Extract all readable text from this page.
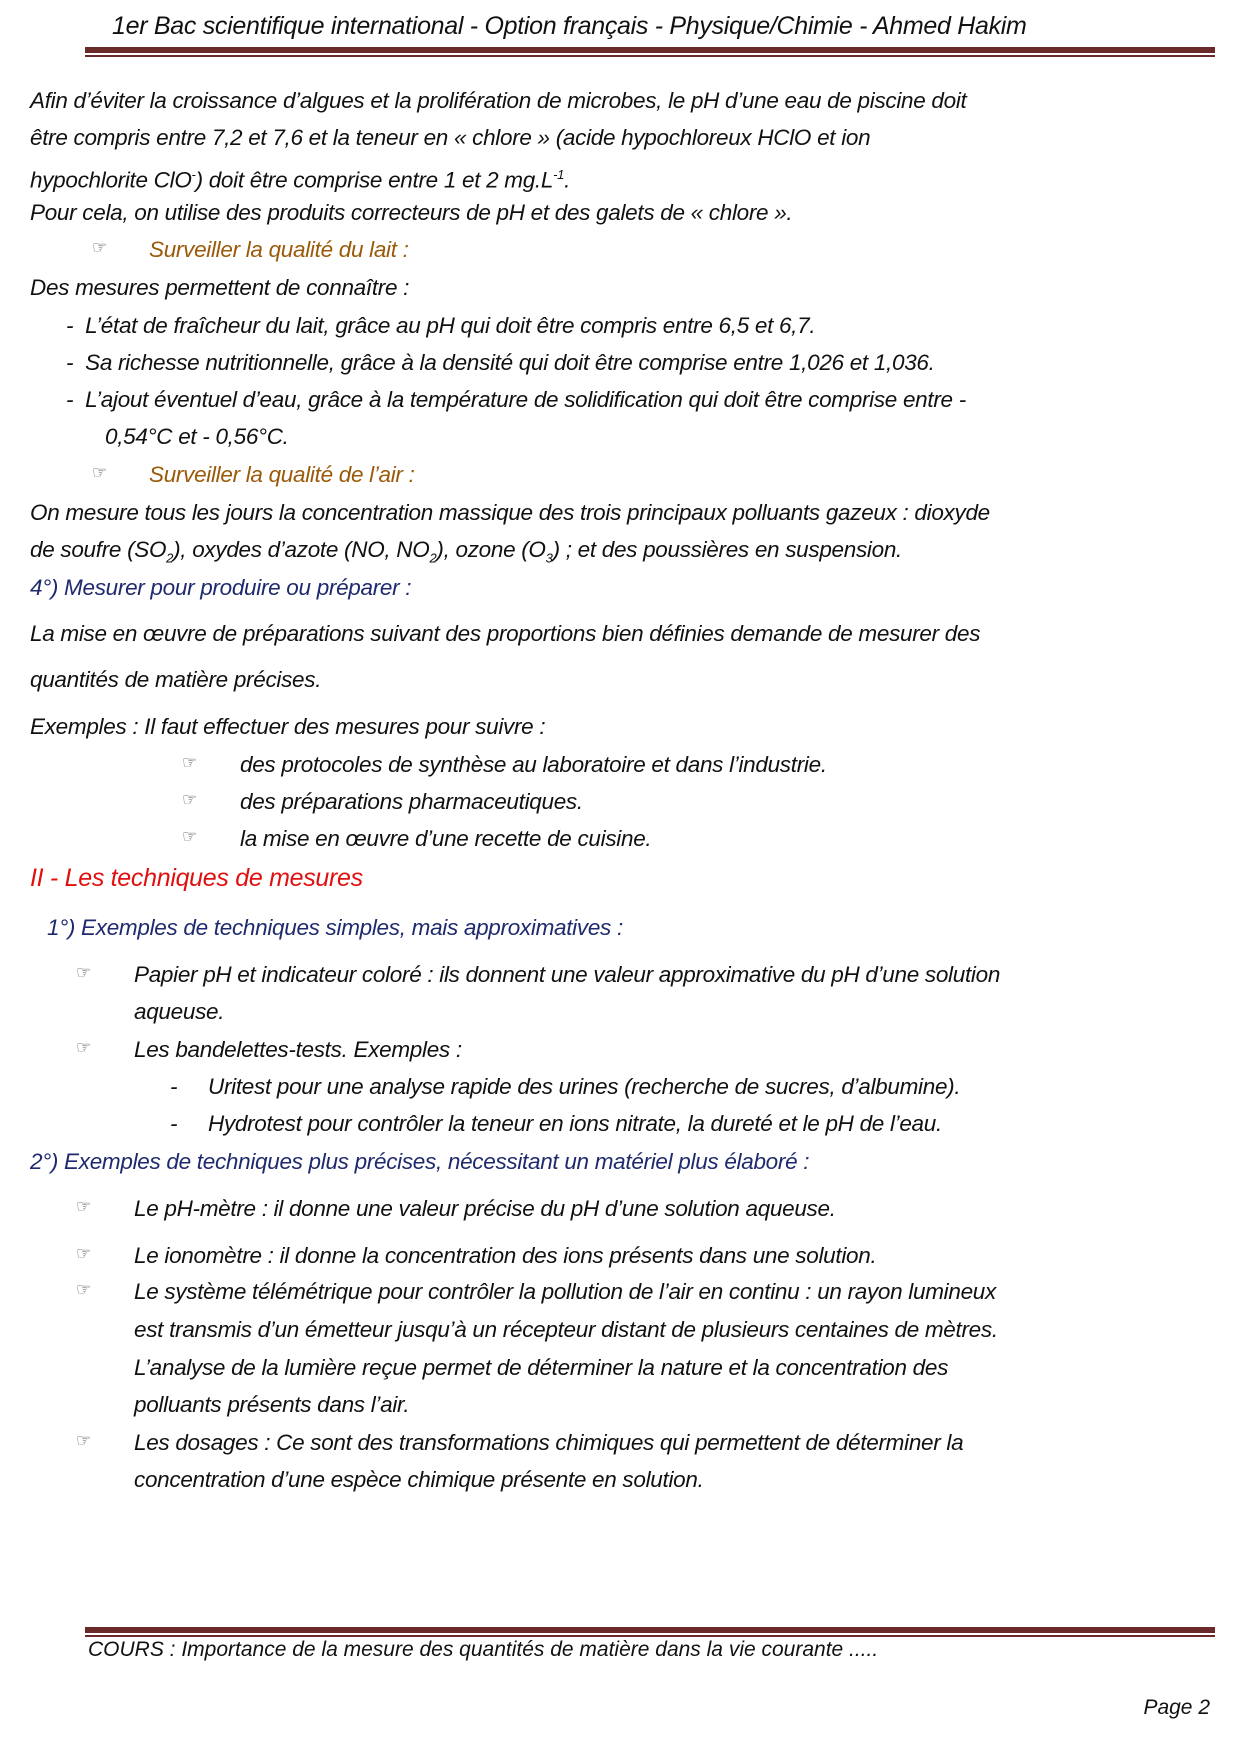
1er Bac scientifique international - Option français - Physique/Chimie - Ahmed Hakim
Afin d’éviter la croissance d’algues et la prolifération de microbes, le pH d’une eau de piscine doit
être compris entre 7,2 et 7,6 et la teneur en « chlore » (acide hypochloreux HClO et ion
hypochlorite ClO-) doit être comprise entre 1 et 2 $mg.L^{-1}$.
Pour cela, on utilise des produits correcteurs de pH et des galets de « chlore ».
☞ Surveiller la qualité du lait :
Des mesures permettent de connaître :
- L’état de fraîcheur du lait, grâce au pH qui doit être compris entre 6,5 et 6,7.
- Sa richesse nutritionnelle, grâce à la densité qui doit être comprise entre 1,026 et 1,036.
- L’ajout éventuel d’eau, grâce à la température de solidification qui doit être comprise entre -
0,54°C et - 0,56°C.
☞ Surveiller la qualité de l’air :
On mesure tous les jours la concentration massique des trois principaux polluants gazeux : dioxyde
de soufre $(SO_2)$, oxydes d’azote (NO, $NO_2$), ozone $(O_3)$ ; et des poussières en suspension.
4°) Mesurer pour produire ou préparer :
La mise en œuvre de préparations suivant des proportions bien définies demande de mesurer des
quantités de matière précises.
Exemples : Il faut effectuer des mesures pour suivre :
☞ des protocoles de synthèse au laboratoire et dans l’industrie.
☞ des préparations pharmaceutiques.
☞ la mise en œuvre d’une recette de cuisine.
II - Les techniques de mesures
1°) Exemples de techniques simples, mais approximatives :
☞ Papier pH et indicateur coloré : ils donnent une valeur approximative du pH d’une solution
aqueuse.
☞ Les bandelettes-tests. Exemples :
- Uritest pour une analyse rapide des urines (recherche de sucres, d’albumine).
- Hydrotest pour contrôler la teneur en ions nitrate, la dureté et le pH de l’eau.
2°) Exemples de techniques plus précises, nécessitant un matériel plus élaboré :
☞ Le pH-mètre : il donne une valeur précise du pH d’une solution aqueuse.
☞ Le ionomètre : il donne la concentration des ions présents dans une solution.
☞ Le système télémétrique pour contrôler la pollution de l’air en continu : un rayon lumineux
est transmis d’un émetteur jusqu’à un récepteur distant de plusieurs centaines de mètres.
L’analyse de la lumière reçue permet de déterminer la nature et la concentration des
polluants présents dans l’air.
☞ Les dosages : Ce sont des transformations chimiques qui permettent de déterminer la
concentration d’une espèce chimique présente en solution.
COURS : Importance de la mesure des quantités de matière dans la vie courante .....
Page 2
